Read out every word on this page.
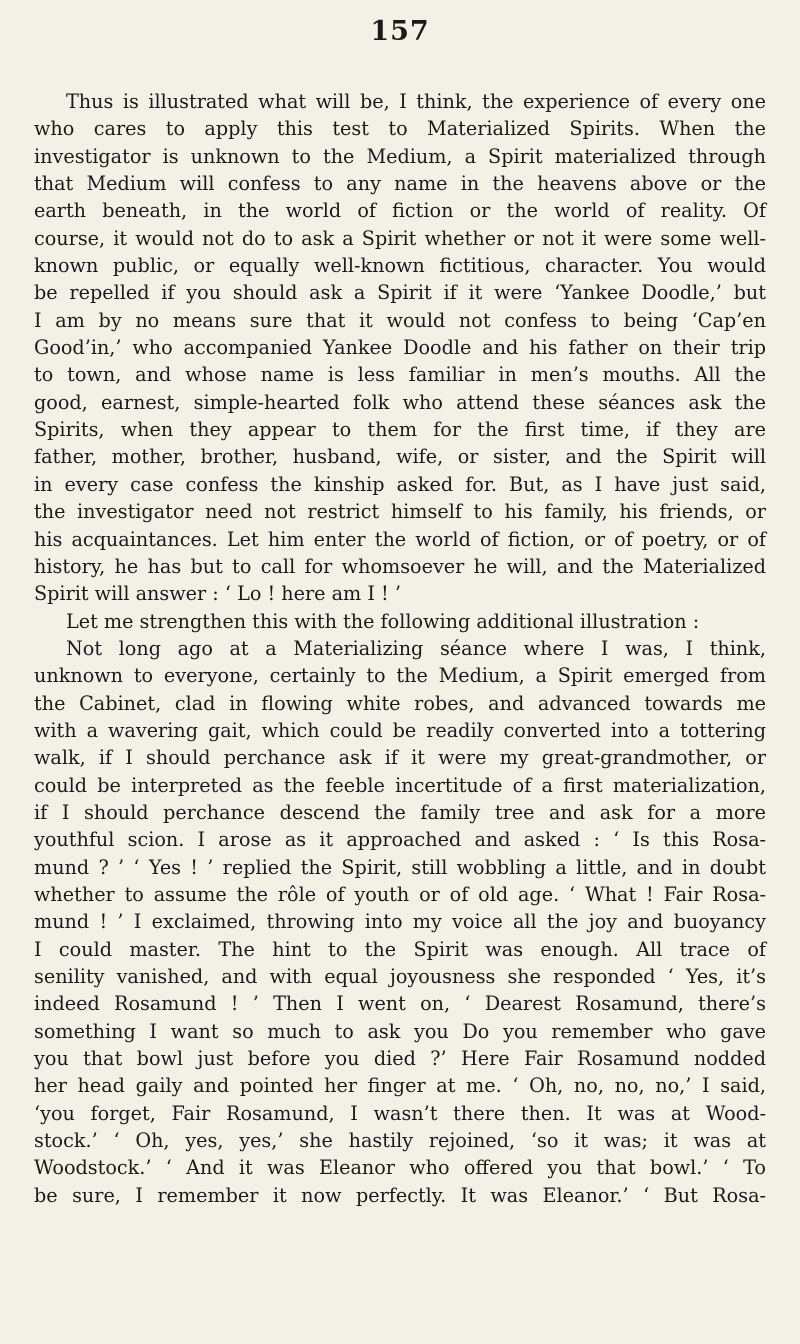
157
Thus is illustrated what will be, I think, the experience of every one
who cares to apply this test to Materialized Spirits. When the
investigator is unknown to the Medium, a Spirit materialized through
that Medium will confess to any name in the heavens above or the
earth beneath, in the world of fiction or the world of reality. Of
course, it would not do to ask a Spirit whether or not it were some well-
known public, or equally well-known fictitious, character. You would
be repelled if you should ask a Spirit if it were ‘Yankee Doodle,’ but
I am by no means sure that it would not confess to being ‘Cap’en
Good’in,’ who accompanied Yankee Doodle and his father on their trip
to town, and whose name is less familiar in men’s mouths. All the
good, earnest, simple-hearted folk who attend these séances ask the
Spirits, when they appear to them for the first time, if they are
father, mother, brother, husband, wife, or sister, and the Spirit will
in every case confess the kinship asked for. But, as I have just said,
the investigator need not restrict himself to his family, his friends, or
his acquaintances. Let him enter the world of fiction, or of poetry, or of
history, he has but to call for whomsoever he will, and the Materialized
Spirit will answer : ‘ Lo ! here am I ! ’
Let me strengthen this with the following additional illustration :
Not long ago at a Materializing séance where I was, I think,
unknown to everyone, certainly to the Medium, a Spirit emerged from
the Cabinet, clad in flowing white robes, and advanced towards me
with a wavering gait, which could be readily converted into a tottering
walk, if I should perchance ask if it were my great-grandmother, or
could be interpreted as the feeble incertitude of a first materialization,
if I should perchance descend the family tree and ask for a more
youthful scion. I arose as it approached and asked : ‘ Is this Rosa-
mund ? ’ ‘ Yes ! ’ replied the Spirit, still wobbling a little, and in doubt
whether to assume the rôle of youth or of old age. ‘ What ! Fair Rosa-
mund ! ’ I exclaimed, throwing into my voice all the joy and buoyancy
I could master. The hint to the Spirit was enough. All trace of
senility vanished, and with equal joyousness she responded ‘ Yes, it’s
indeed Rosamund ! ’ Then I went on, ‘ Dearest Rosamund, there’s
something I want so much to ask you Do you remember who gave
you that bowl just before you died ?’ Here Fair Rosamund nodded
her head gaily and pointed her finger at me. ‘ Oh, no, no, no,’ I said,
‘you forget, Fair Rosamund, I wasn’t there then. It was at Wood-
stock.’ ‘ Oh, yes, yes,’ she hastily rejoined, ‘so it was; it was at
Woodstock.’ ‘ And it was Eleanor who offered you that bowl.’ ‘ To
be sure, I remember it now perfectly. It was Eleanor.’ ‘ But Rosa-
